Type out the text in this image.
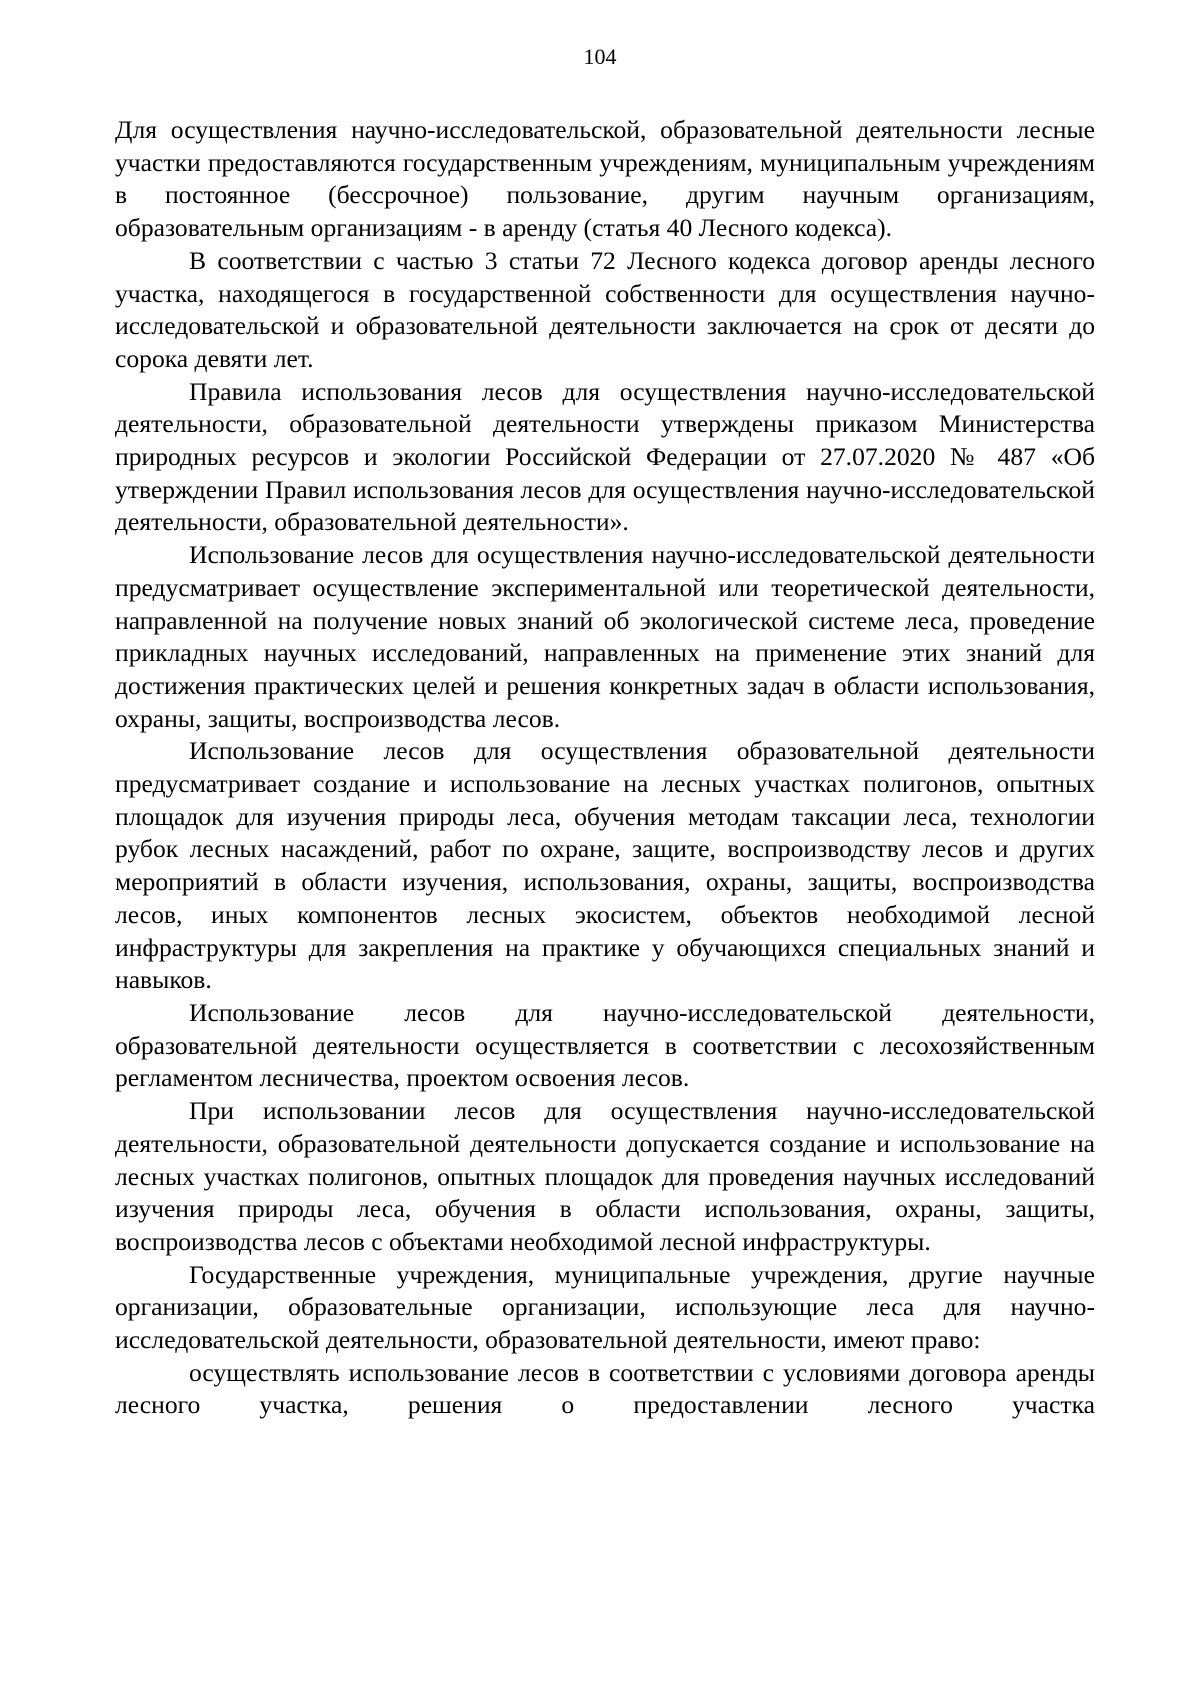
104

Для осуществления научно-исследовательской, образовательной деятельности лесные участки предоставляются государственным учреждениям, муниципальным учреждениям в постоянное (бессрочное) пользование, другим научным организациям, образовательным организациям - в аренду (статья 40 Лесного кодекса).

В соответствии с частью 3 статьи 72 Лесного кодекса договор аренды лесного участка, находящегося в государственной собственности для осуществления научно-исследовательской и образовательной деятельности заключается на срок от десяти до сорока девяти лет.

Правила использования лесов для осуществления научно-исследовательской деятельности, образовательной деятельности утверждены приказом Министерства природных ресурсов и экологии Российской Федерации от 27.07.2020 № 487 «Об утверждении Правил использования лесов для осуществления научно-исследовательской деятельности, образовательной деятельности».

Использование лесов для осуществления научно-исследовательской деятельности предусматривает осуществление экспериментальной или теоретической деятельности, направленной на получение новых знаний об экологической системе леса, проведение прикладных научных исследований, направленных на применение этих знаний для достижения практических целей и решения конкретных задач в области использования, охраны, защиты, воспроизводства лесов.

Использование лесов для осуществления образовательной деятельности предусматривает создание и использование на лесных участках полигонов, опытных площадок для изучения природы леса, обучения методам таксации леса, технологии рубок лесных насаждений, работ по охране, защите, воспроизводству лесов и других мероприятий в области изучения, использования, охраны, защиты, воспроизводства лесов, иных компонентов лесных экосистем, объектов необходимой лесной инфраструктуры для закрепления на практике у обучающихся специальных знаний и навыков.

Использование лесов для научно-исследовательской деятельности, образовательной деятельности осуществляется в соответствии с лесохозяйственным регламентом лесничества, проектом освоения лесов.

При использовании лесов для осуществления научно-исследовательской деятельности, образовательной деятельности допускается создание и использование на лесных участках полигонов, опытных площадок для проведения научных исследований изучения природы леса, обучения в области использования, охраны, защиты, воспроизводства лесов с объектами необходимой лесной инфраструктуры.

Государственные учреждения, муниципальные учреждения, другие научные организации, образовательные организации, использующие леса для научно-исследовательской деятельности, образовательной деятельности, имеют право:

осуществлять использование лесов в соответствии с условиями договора аренды лесного участка, решения о предоставлении лесного участка
